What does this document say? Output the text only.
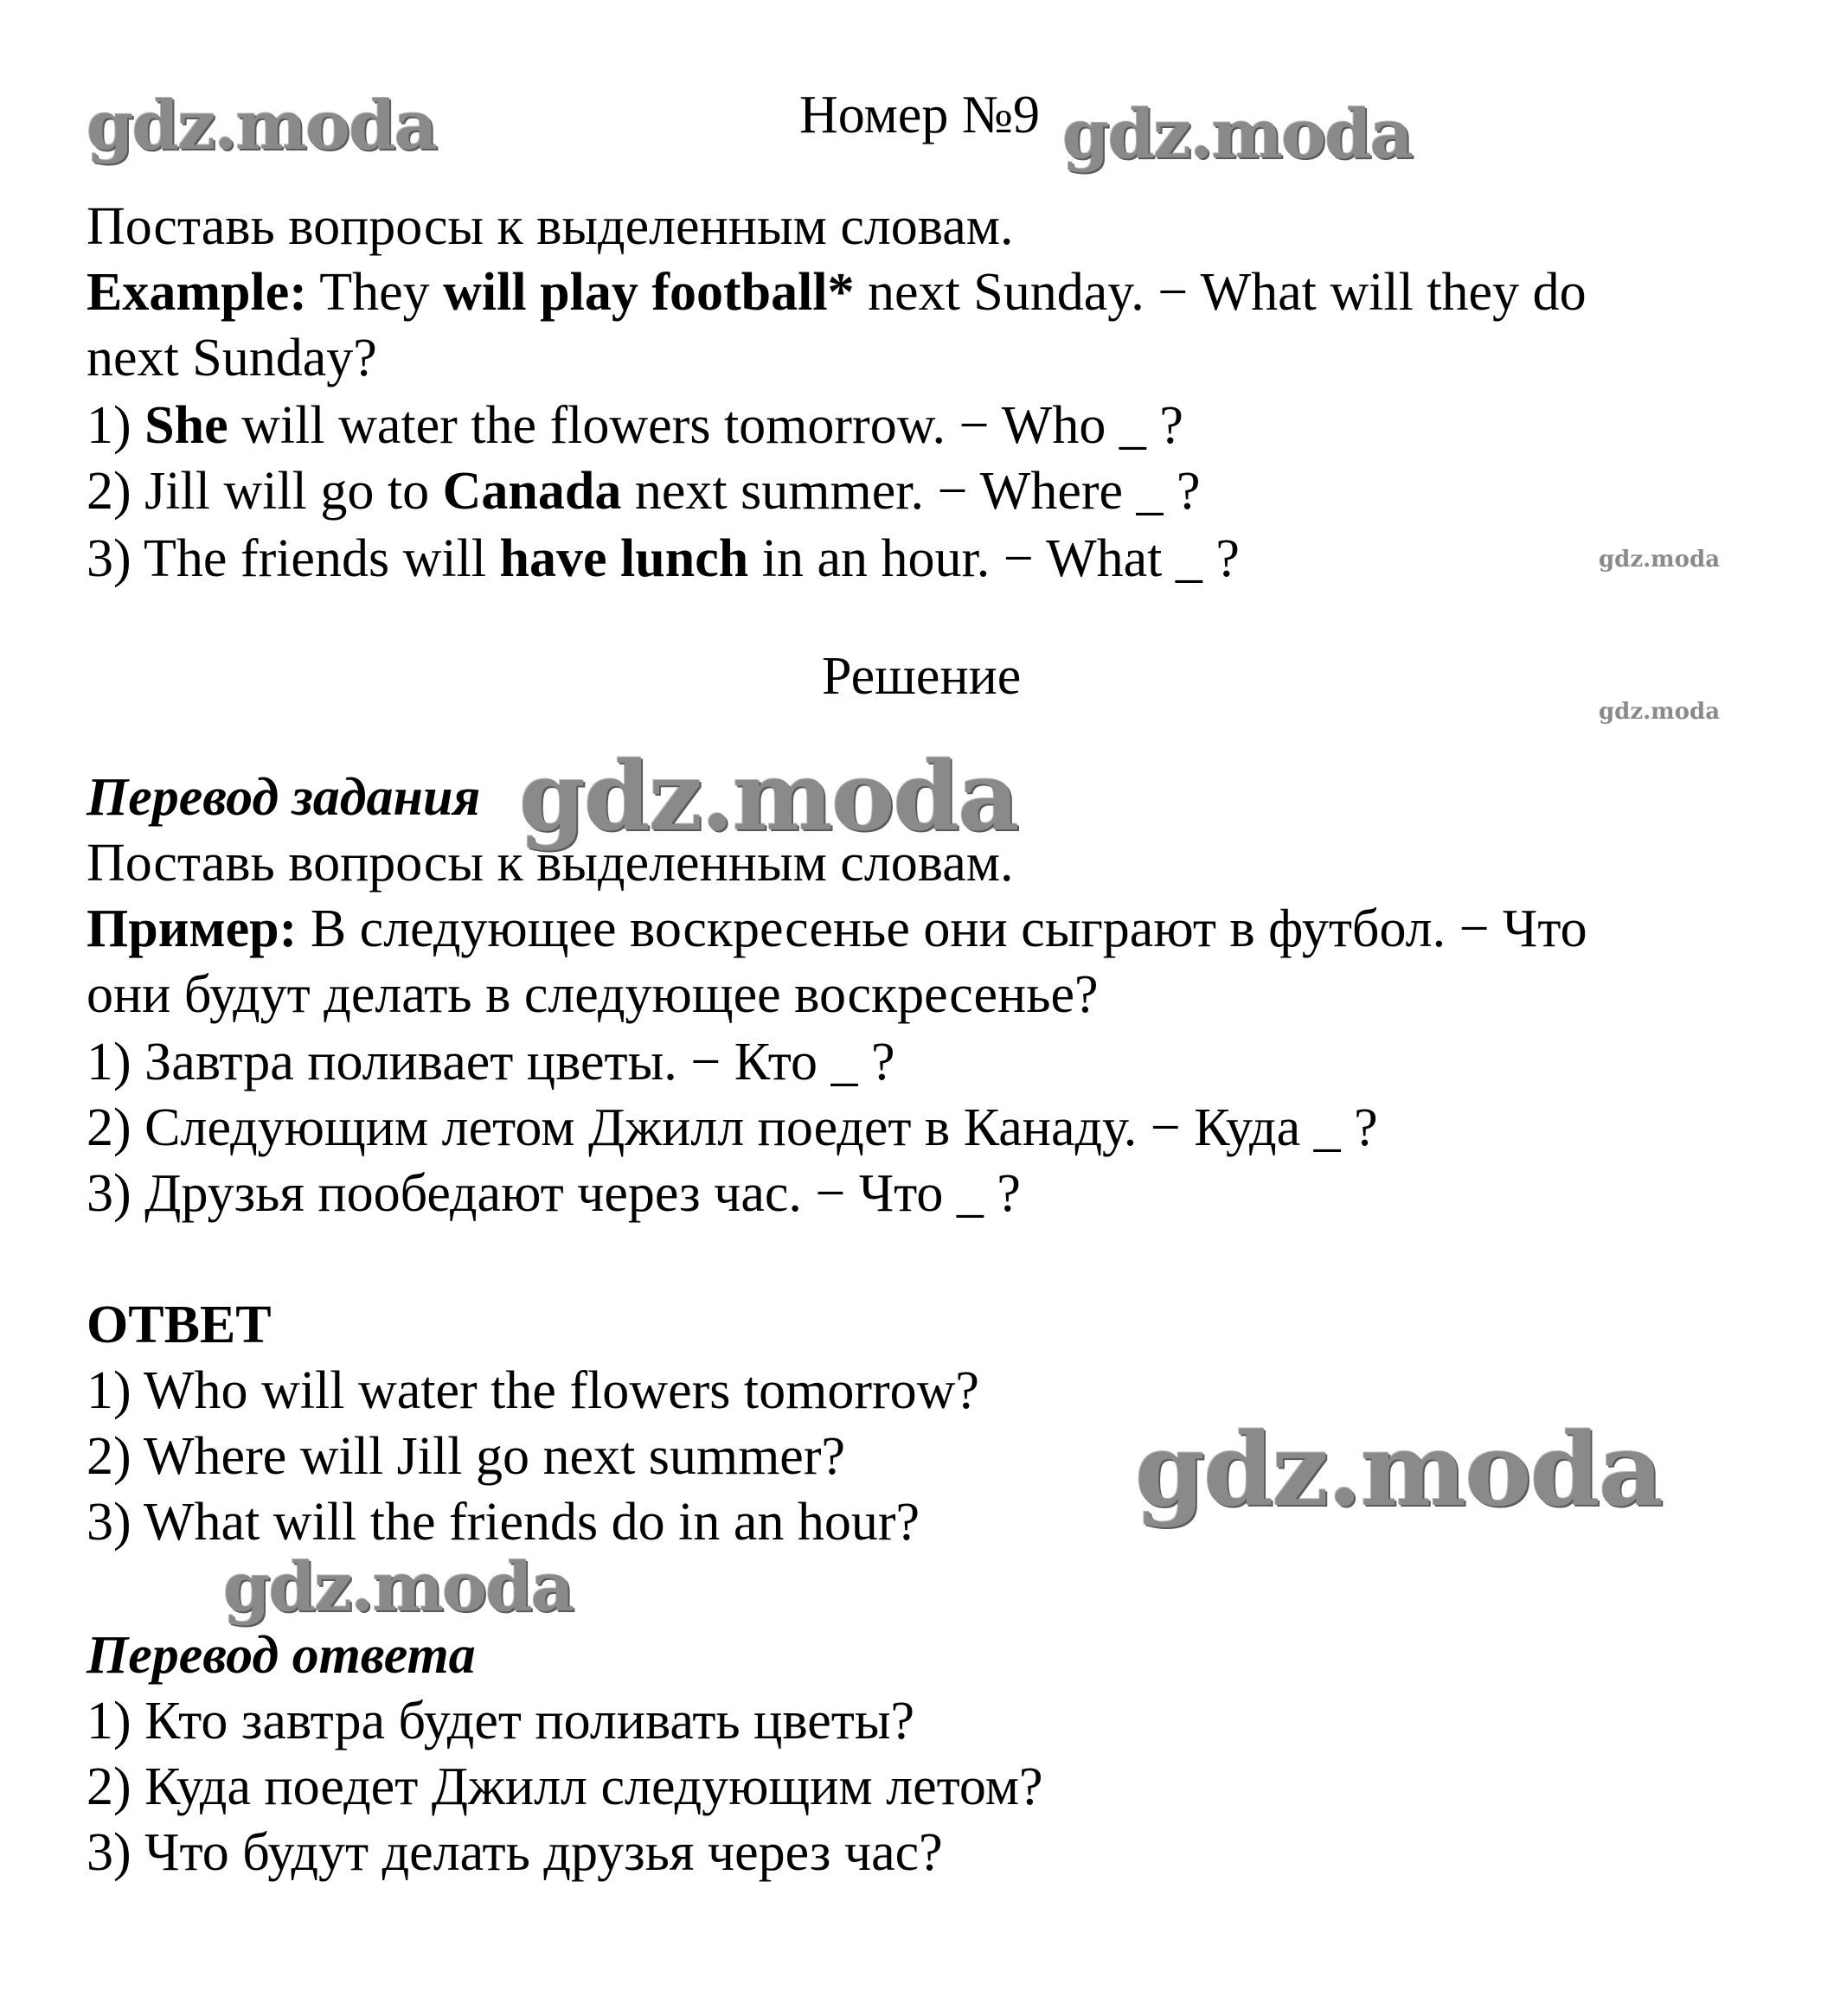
gdz.moda	gdz.moda
gdz.moda
gdz.moda
gdz.moda
gdz.moda
gdz.moda
Номер №9
Поставь вопросы к выделенным словам.
Example: They will play football* next Sunday. − What will they do
next Sunday?
1) She will water the flowers tomorrow. − Who _ ?
2) Jill will go to Canada next summer. − Where _ ?
3) The friends will have lunch in an hour. − What _ ?
Решение
Перевод задания
Поставь вопросы к выделенным словам.
Пример: В следующее воскресенье они сыграют в футбол. − Что
они будут делать в следующее воскресенье?
1) Завтра поливает цветы. − Кто _ ?
2) Следующим летом Джилл поедет в Канаду. − Куда _ ?
3) Друзья пообедают через час. − Что _ ?
ОТВЕТ
1) Who will water the flowers tomorrow?
2) Where will Jill go next summer?
3) What will the friends do in an hour?
Перевод ответа
1) Кто завтра будет поливать цветы?
2) Куда поедет Джилл следующим летом?
3) Что будут делать друзья через час?
